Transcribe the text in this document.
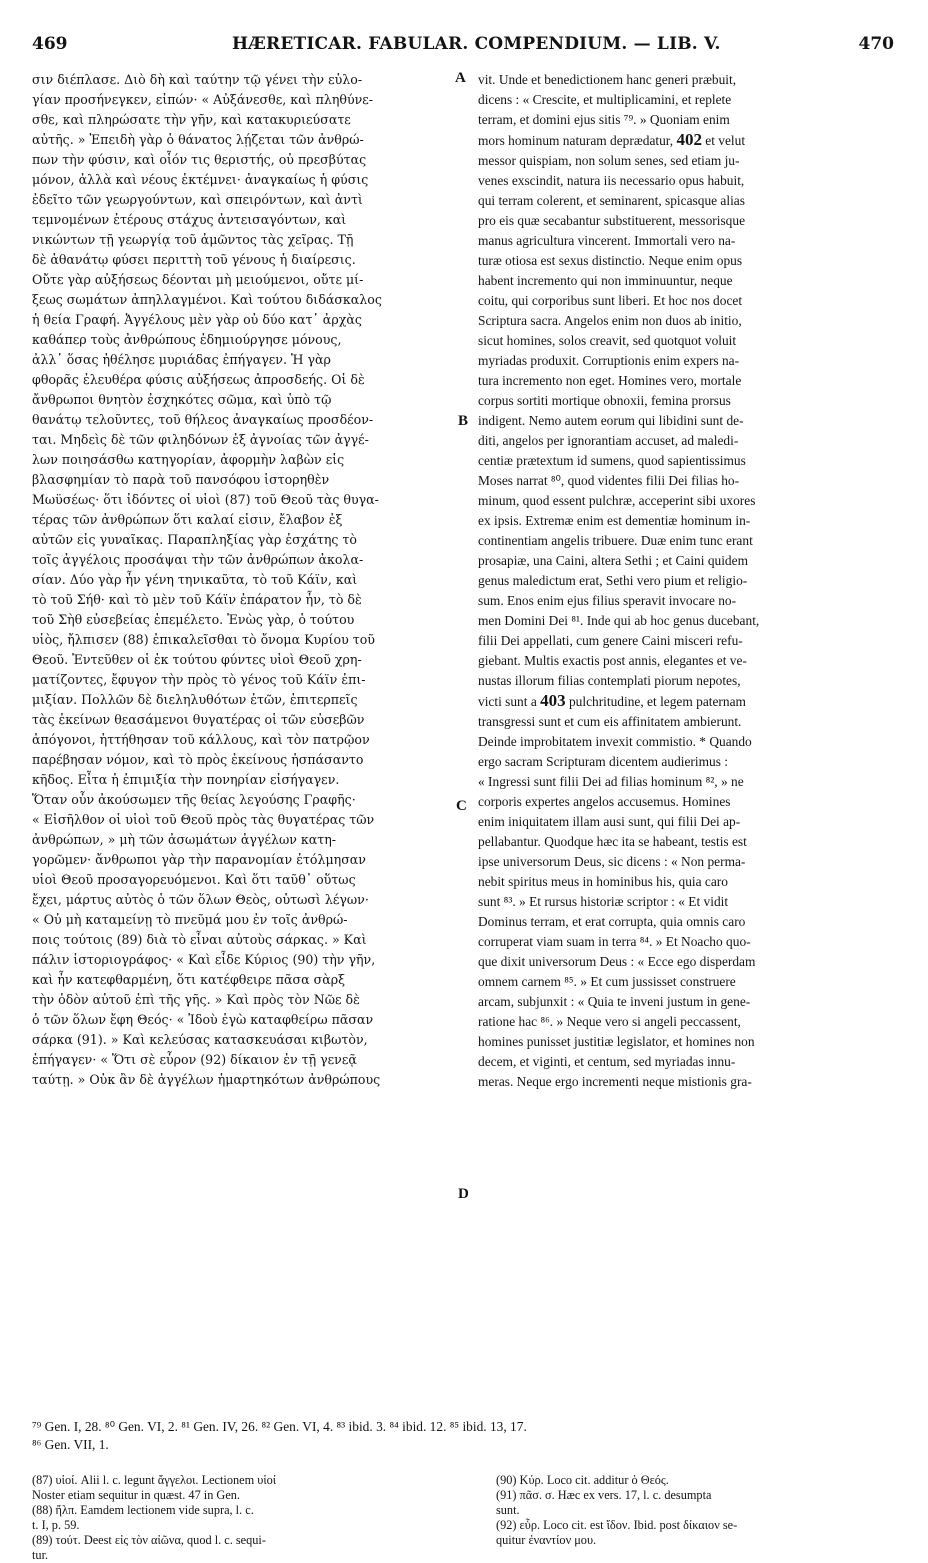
469	HÆRETICAR. FABULAR. COMPENDIUM. — LIB. V.	470
σιν διέπλασε. Διὸ δὴ καὶ ταύτην τῷ γένει τὴν εὐλο-
γίαν προσήνεγκεν, εἰπών· « Αὐξάνεσθε, καὶ πληθύνε-
σθε, καὶ πληρώσατε τὴν γῆν, καὶ κατακυριεύσατε
αὐτῆς. » Ἐπειδὴ γὰρ ὁ θάνατος λῄζεται τῶν ἀνθρώ-
πων τὴν φύσιν, καὶ οἷόν τις θεριστής, οὐ πρεσβύτας
μόνον, ἀλλὰ καὶ νέους ἐκτέμνει· ἀναγκαίως ἡ φύσις
ἐδεῖτο τῶν γεωργούντων, καὶ σπειρόντων, καὶ ἀντὶ
τεμνομένων ἑτέρους στάχυς ἀντεισαγόντων, καὶ
νικώντων τῇ γεωργίᾳ τοῦ ἀμῶντος τὰς χεῖρας. Τῇ
δὲ ἀθανάτῳ φύσει περιττὴ τοῦ γένους ἡ διαίρεσις.
Οὔτε γὰρ αὐξήσεως δέονται μὴ μειούμενοι, οὔτε μί-
ξεως σωμάτων ἀπηλλαγμένοι. Καὶ τούτου διδάσκαλος
ἡ θεία Γραφή. Ἀγγέλους μὲν γὰρ οὐ δύο κατ᾽ ἀρχὰς
καθάπερ τοὺς ἀνθρώπους ἐδημιούργησε μόνους,
ἀλλ᾽ ὅσας ἠθέλησε μυριάδας ἐπήγαγεν. Ἡ γὰρ
φθορᾶς ἐλευθέρα φύσις αὐξήσεως ἀπροσδεής. Οἱ δὲ
ἄνθρωποι θνητὸν ἐσχηκότες σῶμα, καὶ ὑπὸ τῷ
θανάτῳ τελοῦντες, τοῦ θήλεος ἀναγκαίως προσδέον-
ται. Μηδεὶς δὲ τῶν φιληδόνων ἐξ ἀγνοίας τῶν ἀγγέ-
λων ποιησάσθω κατηγορίαν, ἀφορμὴν λαβὼν εἰς
βλασφημίαν τὸ παρὰ τοῦ πανσόφου ἱστορηθὲν
Μωϋσέως· ὅτι ἰδόντες οἱ υἱοὶ (87) τοῦ Θεοῦ τὰς θυγα-
τέρας τῶν ἀνθρώπων ὅτι καλαί εἰσιν, ἔλαβον ἐξ
αὐτῶν εἰς γυναῖκας. Παραπληξίας γὰρ ἐσχάτης τὸ
τοῖς ἀγγέλοις προσάψαι τὴν τῶν ἀνθρώπων ἀκολα-
σίαν. Δύο γὰρ ἦν γένη τηνικαῦτα, τὸ τοῦ Κάϊν, καὶ
τὸ τοῦ Σήθ· καὶ τὸ μὲν τοῦ Κάϊν ἐπάρατον ἦν, τὸ δὲ
τοῦ Σὴθ εὐσεβείας ἐπεμέλετο. Ἐνὼς γὰρ, ὁ τούτου
υἱὸς, ἤλπισεν (88) ἐπικαλεῖσθαι τὸ ὄνομα Κυρίου τοῦ
Θεοῦ. Ἐντεῦθεν οἱ ἐκ τούτου φύντες υἱοὶ Θεοῦ χρη-
ματίζοντες, ἔφυγον τὴν πρὸς τὸ γένος τοῦ Κάϊν ἐπι-
μιξίαν. Πολλῶν δὲ διεληλυθότων ἐτῶν, ἐπιτερπεῖς
τὰς ἐκείνων θεασάμενοι θυγατέρας οἱ τῶν εὐσεβῶν
ἀπόγονοι, ἡττήθησαν τοῦ κάλλους, καὶ τὸν πατρῷον
παρέβησαν νόμον, καὶ τὸ πρὸς ἐκείνους ἠσπάσαντο
κῆδος. Εἶτα ἡ ἐπιμιξία τὴν πονηρίαν εἰσήγαγεν.
Ὅταν οὖν ἀκούσωμεν τῆς θείας λεγούσης Γραφῆς·
« Εἰσῆλθον οἱ υἱοὶ τοῦ Θεοῦ πρὸς τὰς θυγατέρας τῶν
ἀνθρώπων, » μὴ τῶν ἀσωμάτων ἀγγέλων κατη-
γορῶμεν· ἄνθρωποι γὰρ τὴν παρανομίαν ἐτόλμησαν
υἱοὶ Θεοῦ προσαγορευόμενοι. Καὶ ὅτι ταῦθ᾽ οὕτως
ἔχει, μάρτυς αὐτὸς ὁ τῶν ὅλων Θεὸς, οὑτωσὶ λέγων·
« Οὐ μὴ καταμείνῃ τὸ πνεῦμά μου ἐν τοῖς ἀνθρώ-
ποις τούτοις (89) διὰ τὸ εἶναι αὐτοὺς σάρκας. » Καὶ
πάλιν ἱστοριογράφος· « Καὶ εἶδε Κύριος (90) τὴν γῆν,
καὶ ἦν κατεφθαρμένη, ὅτι κατέφθειρε πᾶσα σὰρξ
τὴν ὁδὸν αὐτοῦ ἐπὶ τῆς γῆς. » Καὶ πρὸς τὸν Νῶε δὲ
ὁ τῶν ὅλων ἔφη Θεός· « Ἰδοὺ ἐγὼ καταφθείρω πᾶσαν
σάρκα (91). » Καὶ κελεύσας κατασκευάσαι κιβωτὸν,
ἐπήγαγεν· « Ὅτι σὲ εὗρον (92) δίκαιον ἐν τῇ γενεᾷ
ταύτῃ. » Οὐκ ἂν δὲ ἀγγέλων ἡμαρτηκότων ἀνθρώπους
vit. Unde et benedictionem hanc generi præbuit,
dicens : « Crescite, et multiplicamini, et replete
terram, et domini ejus sitis ⁷⁹. » Quoniam enim
mors hominum naturam deprædatur, 402 et velut
messor quispiam, non solum senes, sed etiam ju-
venes exscindit, natura iis necessario opus habuit,
qui terram colerent, et seminarent, spicasque alias
pro eis quæ secabantur substituerent, messorisque
manus agricultura vincerent. Immortali vero na-
turæ otiosa est sexus distinctio. Neque enim opus
habent incremento qui non imminuuntur, neque
coitu, qui corporibus sunt liberi. Et hoc nos docet
Scriptura sacra. Angelos enim non duos ab initio,
sicut homines, solos creavit, sed quotquot voluit
myriadas produxit. Corruptionis enim expers na-
tura incremento non eget. Homines vero, mortale
corpus sortiti mortique obnoxii, femina prorsus
indigent. Nemo autem eorum qui libidini sunt de-
diti, angelos per ignorantiam accuset, ad maledi-
centiæ prætextum id sumens, quod sapientissimus
Moses narrat ⁸⁰, quod videntes filii Dei filias ho-
minum, quod essent pulchræ, acceperint sibi uxores
ex ipsis. Extremæ enim est dementiæ hominum in-
continentiam angelis tribuere. Duæ enim tunc erant
prosapiæ, una Caini, altera Sethi ; et Caini quidem
genus maledictum erat, Sethi vero pium et religio-
sum. Enos enim ejus filius speravit invocare no-
men Domini Dei ⁸¹. Inde qui ab hoc genus ducebant,
filii Dei appellati, cum genere Caini misceri refu-
giebant. Multis exactis post annis, elegantes et ve-
nustas illorum filias contemplati piorum nepotes,
victi sunt a 403 pulchritudine, et legem paternam
transgressi sunt et cum eis affinitatem ambierunt.
Deinde improbitatem invexit commistio. * Quando
ergo sacram Scripturam dicentem audierimus :
« Ingressi sunt filii Dei ad filias hominum ⁸², » ne
corporis expertes angelos accusemus. Homines
enim iniquitatem illam ausi sunt, qui filii Dei ap-
pellabantur. Quodque hæc ita se habeant, testis est
ipse universorum Deus, sic dicens : « Non perma-
nebit spiritus meus in hominibus his, quia caro
sunt ⁸³. » Et rursus historiæ scriptor : « Et vidit
Dominus terram, et erat corrupta, quia omnis caro
corruperat viam suam in terra ⁸⁴. » Et Noacho quo-
que dixit universorum Deus : « Ecce ego disperdam
omnem carnem ⁸⁵. » Et cum jussisset construere
arcam, subjunxit : « Quia te inveni justum in gene-
ratione hac ⁸⁶. » Neque vero si angeli peccassent,
homines punisset justitiæ legislator, et homines non
decem, et viginti, et centum, sed myriadas innu-
meras. Neque ergo incrementi neque mistionis gra-
A
B
C
D
⁷⁹ Gen. I, 28. ⁸⁰ Gen. VI, 2. ⁸¹ Gen. IV, 26. ⁸² Gen. VI, 4. ⁸³ ibid. 3. ⁸⁴ ibid. 12. ⁸⁵ ibid. 13, 17.
⁸⁶ Gen. VII, 1.
(87) υἱοί. Alii l. c. legunt ἄγγελοι. Lectionem υἱοί
Noster etiam sequitur in quæst. 47 in Gen.
(88) ἤλπ. Eamdem lectionem vide supra, l. c.
t. I, p. 59.
(89) τούτ. Deest εἰς τὸν αἰῶνα, quod l. c. sequi-
tur.
(90) Κύρ. Loco cit. additur ὁ Θεός.
(91) πᾶσ. σ. Hæc ex vers. 17, l. c. desumpta
sunt.
(92) εὗρ. Loco cit. est ἴδον. Ibid. post δίκαιον se-
quitur ἐναντίον μου.
